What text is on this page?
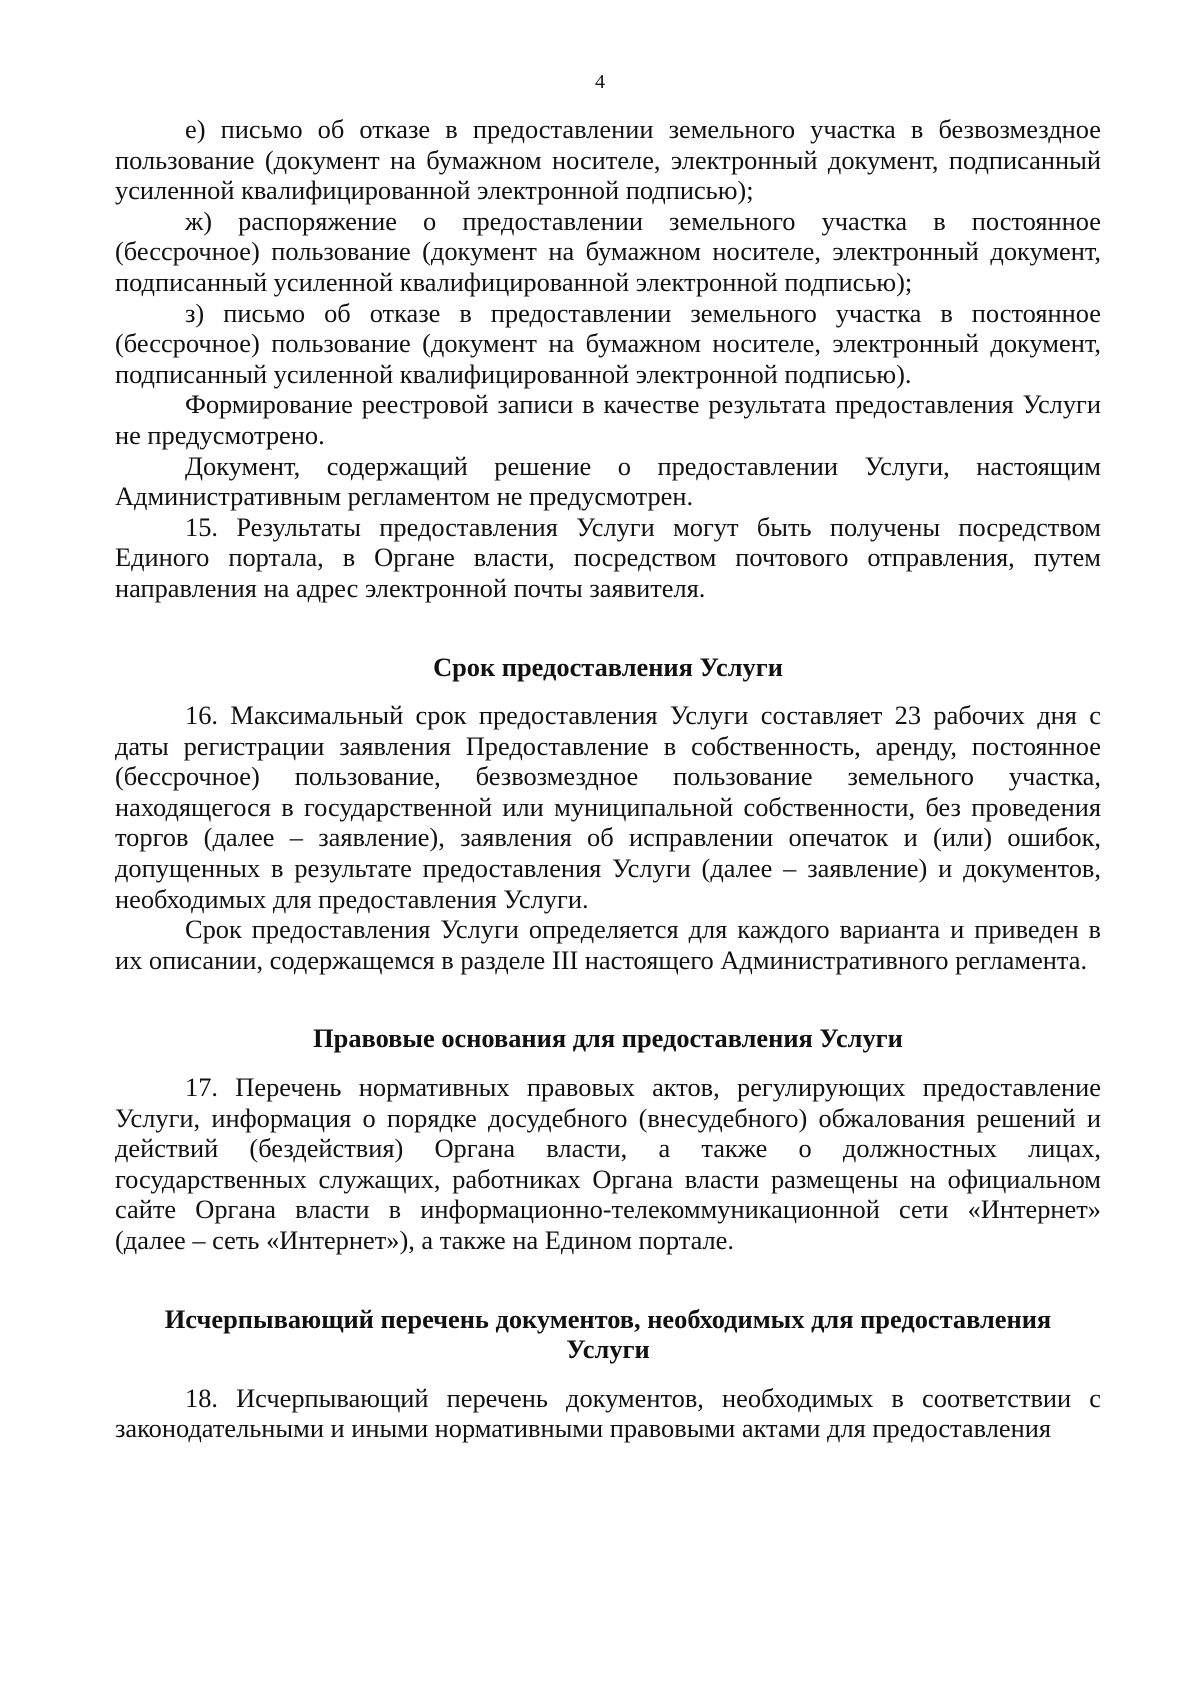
4

е) письмо об отказе в предоставлении земельного участка в безвозмездное пользование (документ на бумажном носителе, электронный документ, подписанный усиленной квалифицированной электронной подписью);

ж) распоряжение о предоставлении земельного участка в постоянное (бессрочное) пользование (документ на бумажном носителе, электронный документ, подписанный усиленной квалифицированной электронной подписью);

з) письмо об отказе в предоставлении земельного участка в постоянное (бессрочное) пользование (документ на бумажном носителе, электронный документ, подписанный усиленной квалифицированной электронной подписью).

Формирование реестровой записи в качестве результата предоставления Услуги не предусмотрено.

Документ, содержащий решение о предоставлении Услуги, настоящим Административным регламентом не предусмотрен.

15. Результаты предоставления Услуги могут быть получены посредством Единого портала, в Органе власти, посредством почтового отправления, путем направления на адрес электронной почты заявителя.

Срок предоставления Услуги

16. Максимальный срок предоставления Услуги составляет 23 рабочих дня с даты регистрации заявления Предоставление в собственность, аренду, постоянное (бессрочное) пользование, безвозмездное пользование земельного участка, находящегося в государственной или муниципальной собственности, без проведения торгов (далее – заявление), заявления об исправлении опечаток и (или) ошибок, допущенных в результате предоставления Услуги (далее – заявление) и документов, необходимых для предоставления Услуги.

Срок предоставления Услуги определяется для каждого варианта и приведен в их описании, содержащемся в разделе III настоящего Административного регламента.

Правовые основания для предоставления Услуги

17. Перечень нормативных правовых актов, регулирующих предоставление Услуги, информация о порядке досудебного (внесудебного) обжалования решений и действий (бездействия) Органа власти, а также о должностных лицах, государственных служащих, работниках Органа власти размещены на официальном сайте Органа власти в информационно-телекоммуникационной сети «Интернет» (далее – сеть «Интернет»), а также на Едином портале.

Исчерпывающий перечень документов, необходимых для предоставления Услуги

18. Исчерпывающий перечень документов, необходимых в соответствии с законодательными и иными нормативными правовыми актами для предоставления
